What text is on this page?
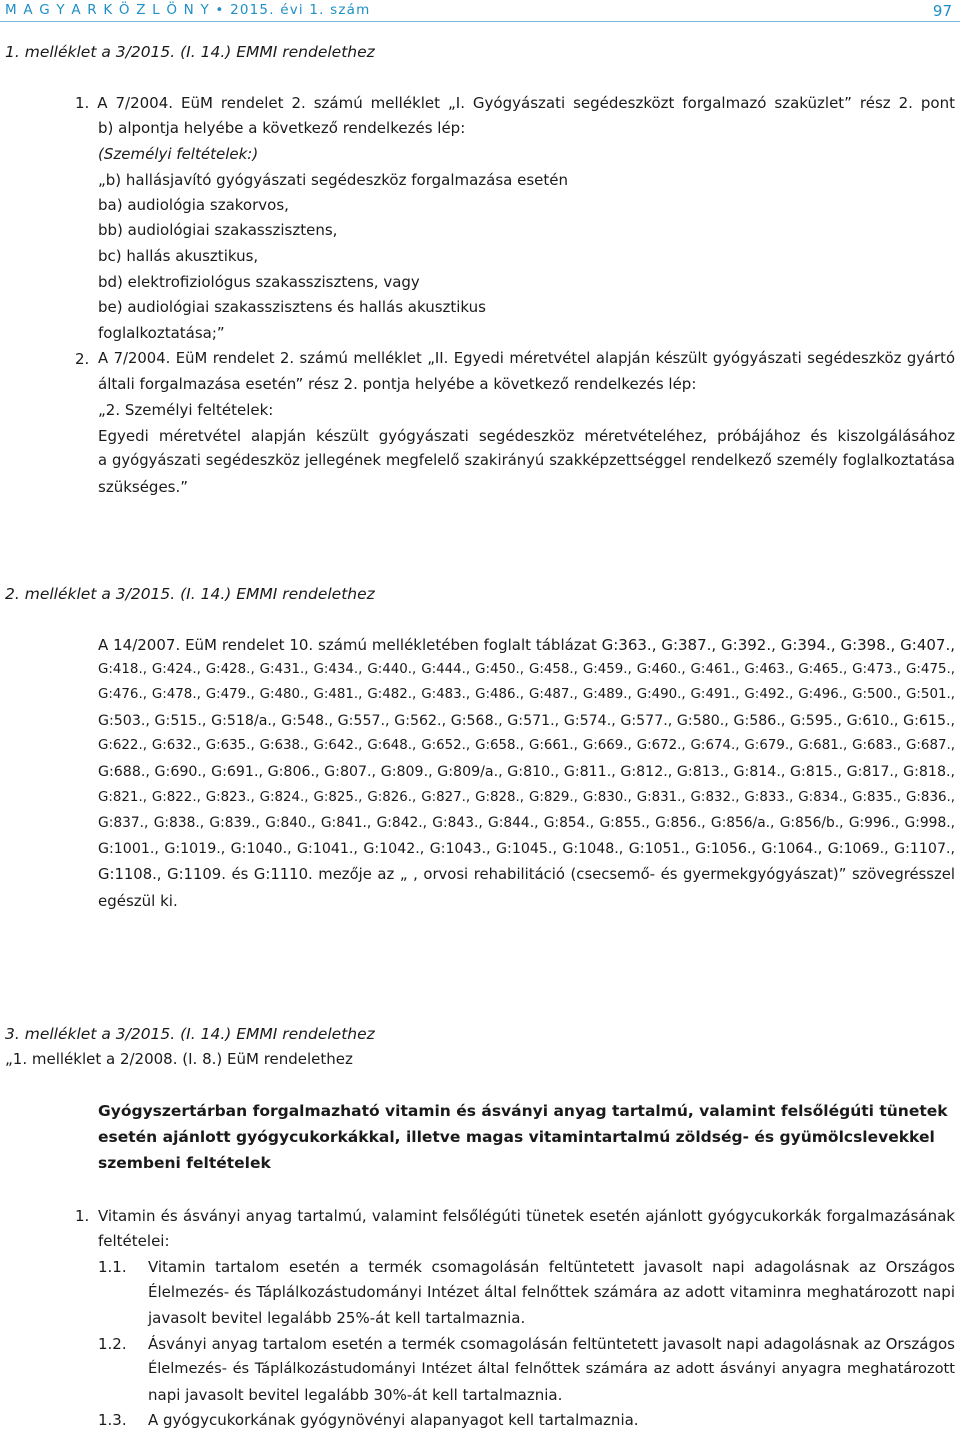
M A G Y A R K Ö Z L Ö N Y • 2015. évi 1. szám	97
1. melléklet a 3/2015. (I. 14.) EMMI rendelethez
1. A 7/2004. EüM rendelet 2. számú melléklet „I. Gyógyászati segédeszközt forgalmazó szaküzlet” rész 2. pont
b) alpontja helyébe a következő rendelkezés lép:
(Személyi feltételek:)
„b) hallásjavító gyógyászati segédeszköz forgalmazása esetén
ba) audiológia szakorvos,
bb) audiológiai szakasszisztens,
bc) hallás akusztikus,
bd) elektrofiziológus szakasszisztens, vagy
be) audiológiai szakasszisztens és hallás akusztikus
foglalkoztatása;”
2. A 7/2004. EüM rendelet 2. számú melléklet „II. Egyedi méretvétel alapján készült gyógyászati segédeszköz gyártó
általi forgalmazása esetén” rész 2. pontja helyébe a következő rendelkezés lép:
„2. Személyi feltételek:
Egyedi méretvétel alapján készült gyógyászati segédeszköz méretvételéhez, próbájához és kiszolgálásához
a gyógyászati segédeszköz jellegének megfelelő szakirányú szakképzettséggel rendelkező személy foglalkoztatása
szükséges.”
2. melléklet a 3/2015. (I. 14.) EMMI rendelethez
A 14/2007. EüM rendelet 10. számú mellékletében foglalt táblázat G:363., G:387., G:392., G:394., G:398., G:407.,
G:418., G:424., G:428., G:431., G:434., G:440., G:444., G:450., G:458., G:459., G:460., G:461., G:463., G:465., G:473., G:475.,
G:476., G:478., G:479., G:480., G:481., G:482., G:483., G:486., G:487., G:489., G:490., G:491., G:492., G:496., G:500., G:501.,
G:503., G:515., G:518/a., G:548., G:557., G:562., G:568., G:571., G:574., G:577., G:580., G:586., G:595., G:610., G:615.,
G:622., G:632., G:635., G:638., G:642., G:648., G:652., G:658., G:661., G:669., G:672., G:674., G:679., G:681., G:683., G:687.,
G:688., G:690., G:691., G:806., G:807., G:809., G:809/a., G:810., G:811., G:812., G:813., G:814., G:815., G:817., G:818.,
G:821., G:822., G:823., G:824., G:825., G:826., G:827., G:828., G:829., G:830., G:831., G:832., G:833., G:834., G:835., G:836.,
G:837., G:838., G:839., G:840., G:841., G:842., G:843., G:844., G:854., G:855., G:856., G:856/a., G:856/b., G:996., G:998.,
G:1001., G:1019., G:1040., G:1041., G:1042., G:1043., G:1045., G:1048., G:1051., G:1056., G:1064., G:1069., G:1107.,
G:1108., G:1109. és G:1110. mezője az „ , orvosi rehabilitáció (csecsemő- és gyermekgyógyászat)” szövegrésszel
egészül ki.
3. melléklet a 3/2015. (I. 14.) EMMI rendelethez
„1. melléklet a 2/2008. (I. 8.) EüM rendelethez
Gyógyszertárban forgalmazható vitamin és ásványi anyag tartalmú, valamint felsőlégúti tünetek
esetén ajánlott gyógycukorkákkal, illetve magas vitamintartalmú zöldség- és gyümölcslevekkel
szembeni feltételek
1. Vitamin és ásványi anyag tartalmú, valamint felsőlégúti tünetek esetén ajánlott gyógycukorkák forgalmazásának
feltételei:
1.1. Vitamin tartalom esetén a termék csomagolásán feltüntetett javasolt napi adagolásnak az Országos
Élelmezés- és Táplálkozástudományi Intézet által felnőttek számára az adott vitaminra meghatározott napi
javasolt bevitel legalább 25%-át kell tartalmaznia.
1.2. Ásványi anyag tartalom esetén a termék csomagolásán feltüntetett javasolt napi adagolásnak az Országos
Élelmezés- és Táplálkozástudományi Intézet által felnőttek számára az adott ásványi anyagra meghatározott
napi javasolt bevitel legalább 30%-át kell tartalmaznia.
1.3. A gyógycukorkának gyógynövényi alapanyagot kell tartalmaznia.
